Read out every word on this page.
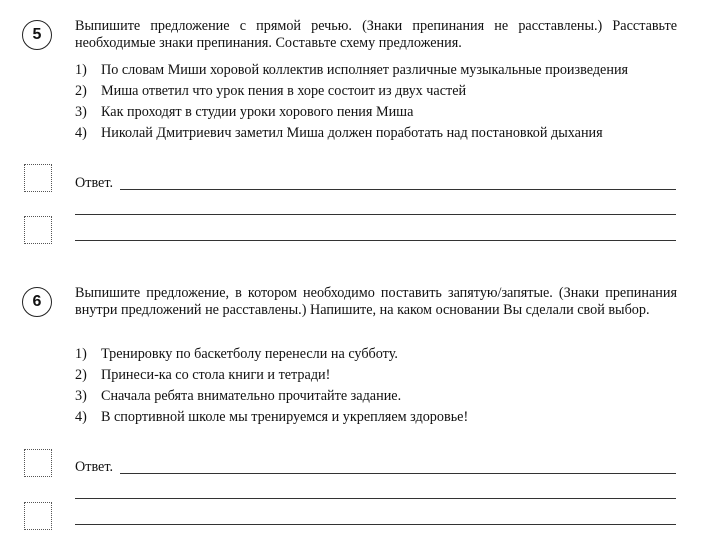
5	Выпишите предложение с прямой речью. (Знаки препинания не расставлены.) Расставьте необходимые знаки препинания. Составьте схему предложения.
1) По словам Миши хоровой коллектив исполняет различные музыкальные произведения
2) Миша ответил что урок пения в хоре состоит из двух частей
3) Как проходят в студии уроки хорового пения Миша
4) Николай Дмитриевич заметил Миша должен поработать над постановкой дыхания
Ответ.
6	Выпишите предложение, в котором необходимо поставить запятую/запятые. (Знаки препинания внутри предложений не расставлены.) Напишите, на каком основании Вы сделали свой выбор.
1) Тренировку по баскетболу перенесли на субботу.
2) Принеси-ка со стола книги и тетради!
3) Сначала ребята внимательно прочитайте задание.
4) В спортивной школе мы тренируемся и укрепляем здоровье!
Ответ.
